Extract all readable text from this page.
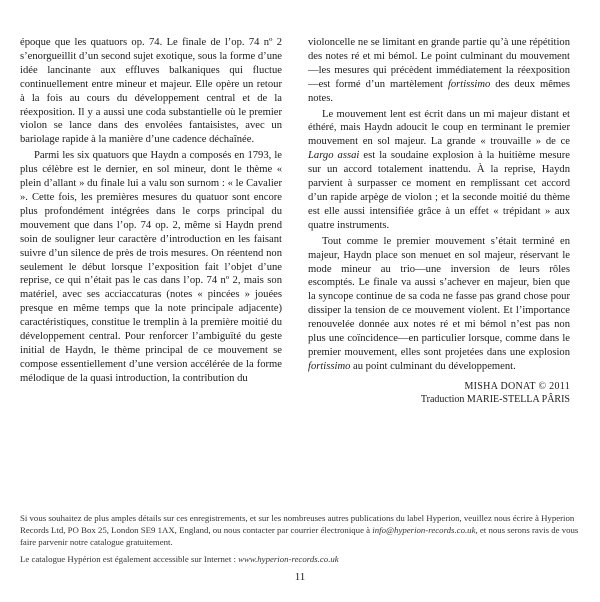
époque que les quatuors op. 74. Le finale de l’op. 74 nº 2 s’enorgueillit d’un second sujet exotique, sous la forme d’une idée lancinante aux effluves balkaniques qui fluctue continuellement entre mineur et majeur. Elle opère un retour à la fois au cours du développement central et de la réexposition. Il y a aussi une coda substantielle où le premier violon se lance dans des envolées fantaisistes, avec un bariolage rapide à la manière d’une cadence déchaînée.

Parmi les six quatuors que Haydn a composés en 1793, le plus célèbre est le dernier, en sol mineur, dont le thème « plein d’allant » du finale lui a valu son surnom : « le Cavalier ». Cette fois, les premières mesures du quatuor sont encore plus profondément intégrées dans le corps principal du mouvement que dans l’op. 74 op. 2, même si Haydn prend soin de souligner leur caractère d’introduction en les faisant suivre d’un silence de près de trois mesures. On réentend non seulement le début lorsque l’exposition fait l’objet d’une reprise, ce qui n’était pas le cas dans l’op. 74 nº 2, mais son matériel, avec ses acciaccaturas (notes « pincées » jouées presque en même temps que la note principale adjacente) caractéristiques, constitue le tremplin à la première moitié du développement central. Pour renforcer l’ambiguïté du geste initial de Haydn, le thème principal de ce mouvement se compose essentiellement d’une version accélérée de la forme mélodique de la quasi introduction, la contribution du

violoncelle ne se limitant en grande partie qu’à une répétition des notes ré et mi bémol. Le point culminant du mouvement—les mesures qui précèdent immédiatement la réexposition—est formé d’un martèlement fortissimo des deux mêmes notes.

Le mouvement lent est écrit dans un mi majeur distant et éthéré, mais Haydn adoucit le coup en terminant le premier mouvement en sol majeur. La grande « trouvaille » de ce Largo assai est la soudaine explosion à la huitième mesure sur un accord totalement inattendu. À la reprise, Haydn parvient à surpasser ce moment en remplissant cet accord d’un rapide arpège de violon ; et la seconde moitié du thème est elle aussi intensifiée grâce à un effet « trépidant » aux quatre instruments.

Tout comme le premier mouvement s’était terminé en majeur, Haydn place son menuet en sol majeur, réservant le mode mineur au trio—une inversion de leurs rôles escomptés. Le finale va aussi s’achever en majeur, bien que la syncope continue de sa coda ne fasse pas grand chose pour dissiper la tension de ce mouvement violent. Et l’importance renouvelée donnée aux notes ré et mi bémol n’est pas non plus une coïncidence—en particulier lorsque, comme dans le premier mouvement, elles sont projetées dans une explosion fortissimo au point culminant du développement.

MISHA DONAT © 2011
Traduction MARIE-STELLA PÂRIS
Si vous souhaitez de plus amples détails sur ces enregistrements, et sur les nombreuses autres publications du label Hyperion, veuillez nous écrire à Hyperion Records Ltd, PO Box 25, London SE9 1AX, England, ou nous contacter par courrier électronique à info@hyperion-records.co.uk, et nous serons ravis de vous faire parvenir notre catalogue gratuitement.
Le catalogue Hypérion est également accessible sur Internet : www.hyperion-records.co.uk
11
